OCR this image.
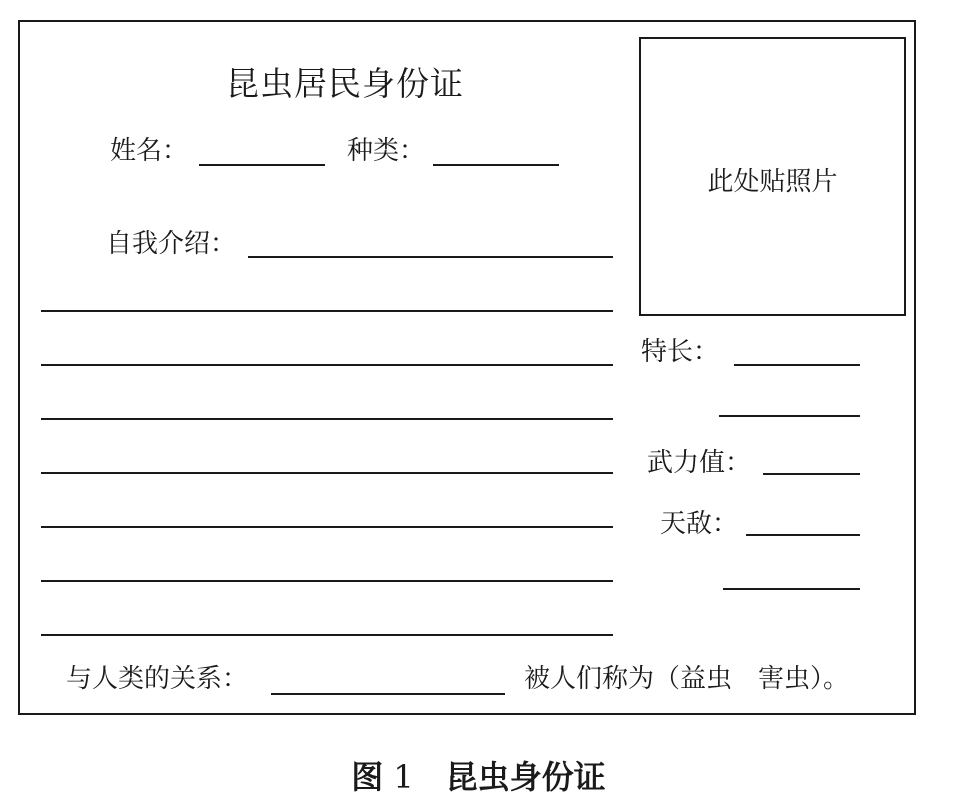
昆虫居民身份证
此处贴照片
姓名：	种类：
自我介绍：
特长：
武力值：
天敌：
与人类的关系：	被人们称为（益虫　害虫）。
图 1 昆虫身份证
